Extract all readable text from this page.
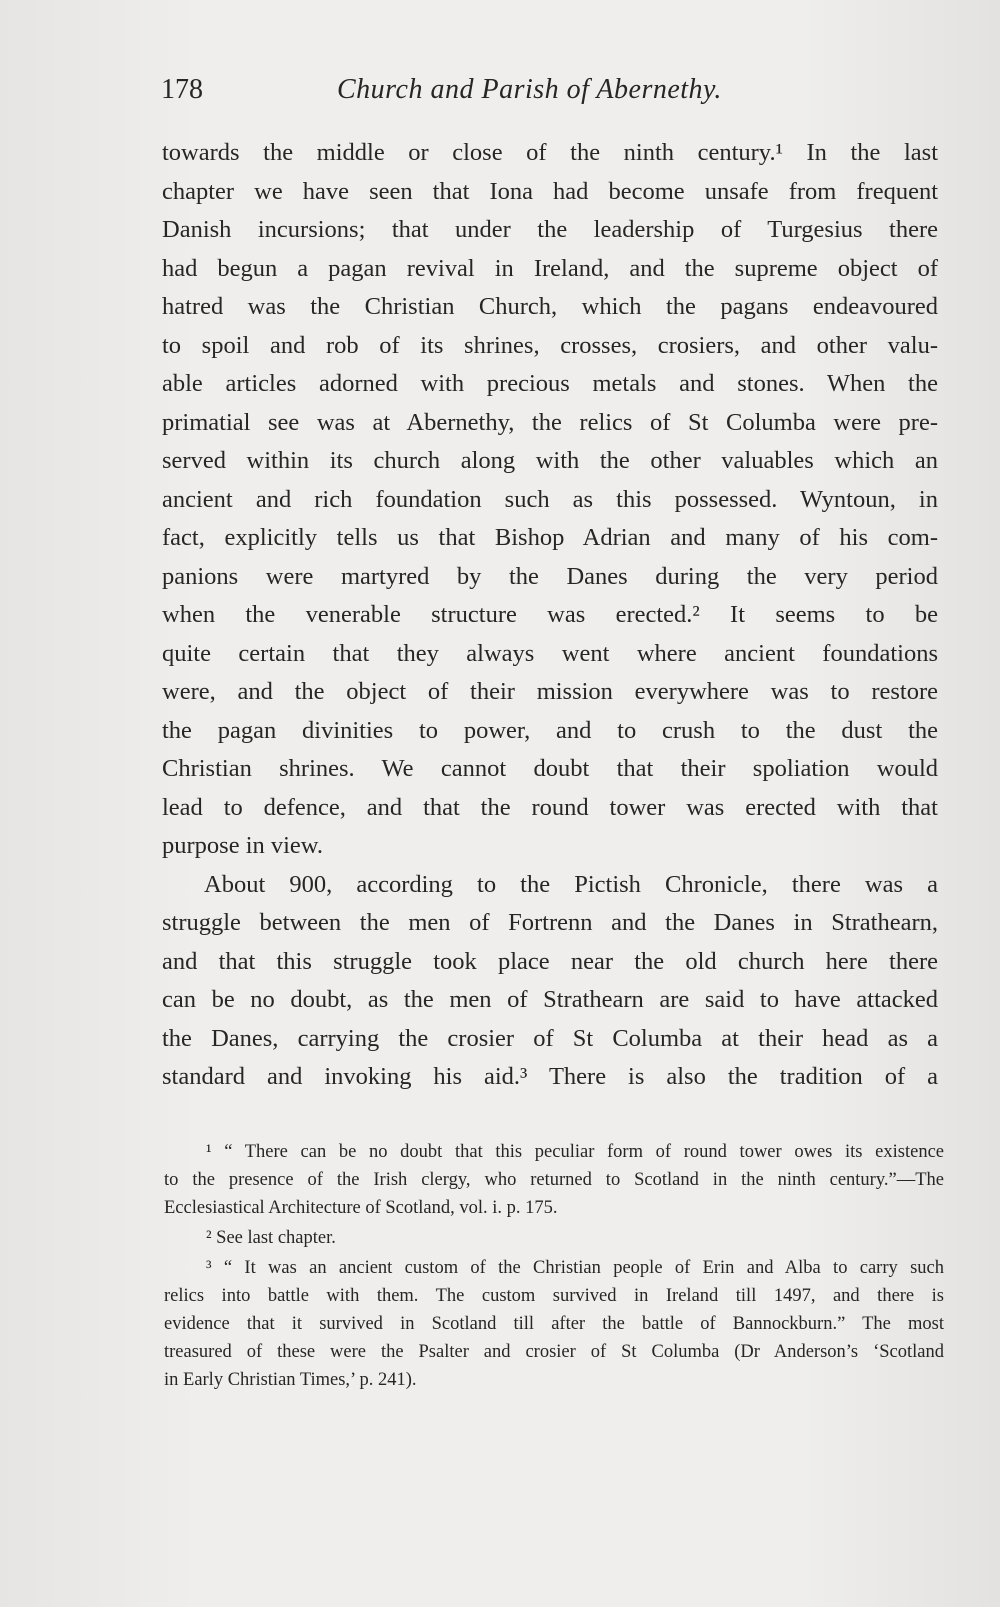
178	Church and Parish of Abernethy.
towards the middle or close of the ninth century.¹ In the last
chapter we have seen that Iona had become unsafe from frequent
Danish incursions; that under the leadership of Turgesius there
had begun a pagan revival in Ireland, and the supreme object of
hatred was the Christian Church, which the pagans endeavoured
to spoil and rob of its shrines, crosses, crosiers, and other valu-
able articles adorned with precious metals and stones. When the
primatial see was at Abernethy, the relics of St Columba were pre-
served within its church along with the other valuables which an
ancient and rich foundation such as this possessed. Wyntoun, in
fact, explicitly tells us that Bishop Adrian and many of his com-
panions were martyred by the Danes during the very period
when the venerable structure was erected.² It seems to be
quite certain that they always went where ancient foundations
were, and the object of their mission everywhere was to restore
the pagan divinities to power, and to crush to the dust the
Christian shrines. We cannot doubt that their spoliation would
lead to defence, and that the round tower was erected with that
purpose in view.
About 900, according to the Pictish Chronicle, there was a
struggle between the men of Fortrenn and the Danes in Strathearn,
and that this struggle took place near the old church here there
can be no doubt, as the men of Strathearn are said to have attacked
the Danes, carrying the crosier of St Columba at their head as a
standard and invoking his aid.³ There is also the tradition of a
¹ “ There can be no doubt that this peculiar form of round tower owes its existence
to the presence of the Irish clergy, who returned to Scotland in the ninth century.”—The
Ecclesiastical Architecture of Scotland, vol. i. p. 175.
² See last chapter.
³ “ It was an ancient custom of the Christian people of Erin and Alba to carry such
relics into battle with them. The custom survived in Ireland till 1497, and there is
evidence that it survived in Scotland till after the battle of Bannockburn.” The most
treasured of these were the Psalter and crosier of St Columba (Dr Anderson’s ‘Scotland
in Early Christian Times,’ p. 241).
